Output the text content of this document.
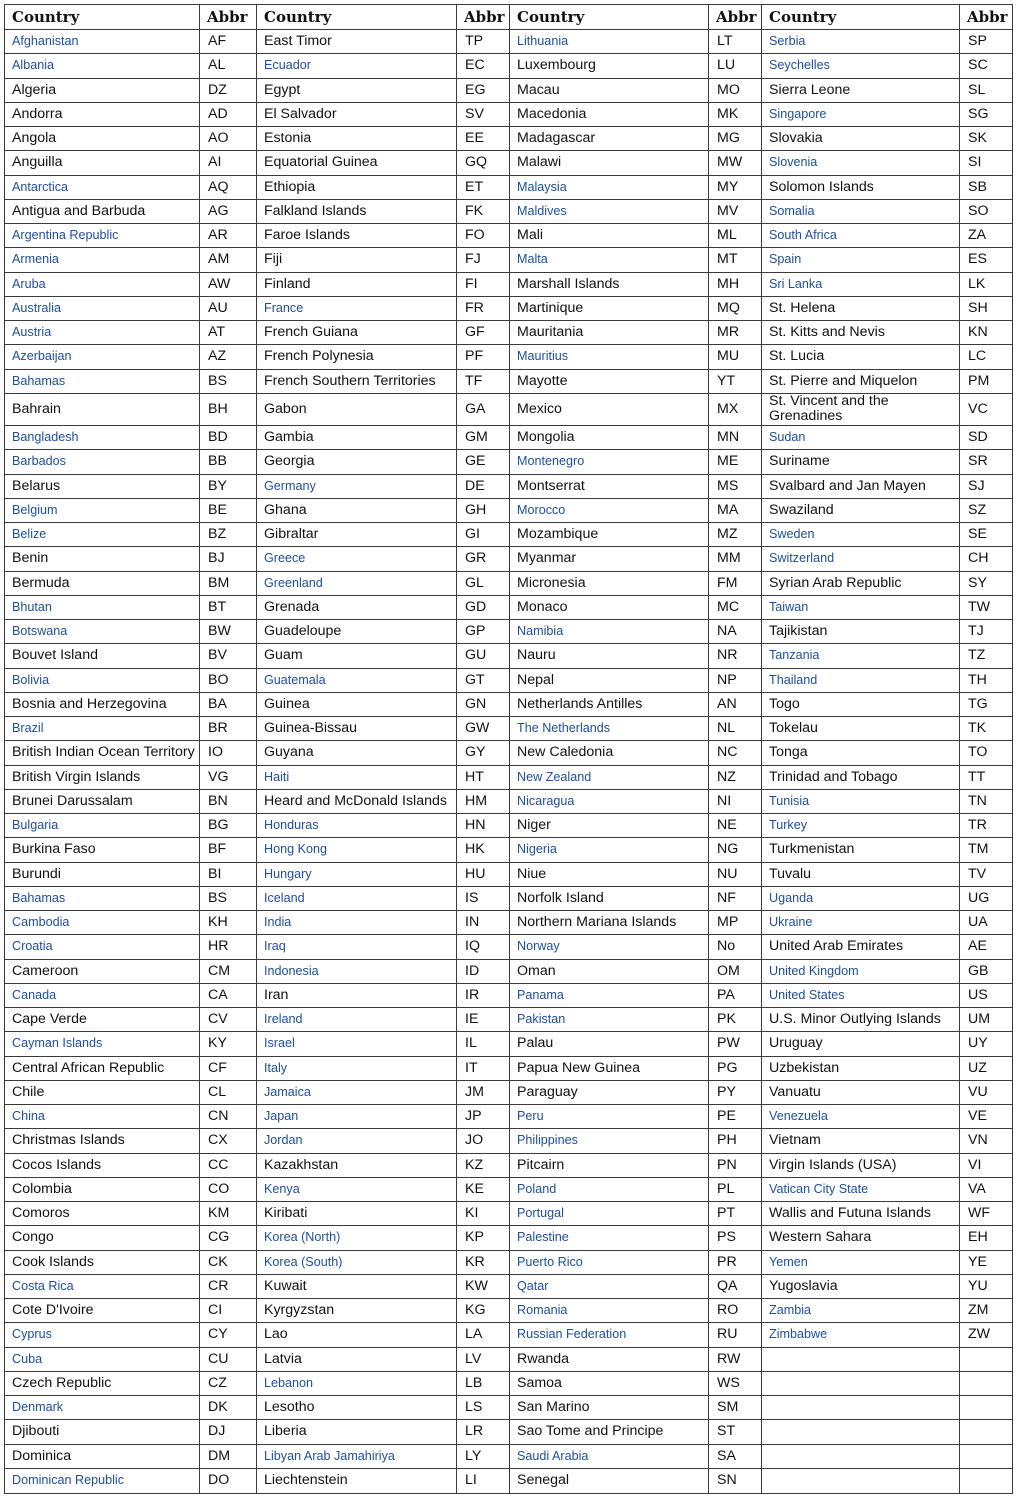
Country	Abbr	Country	Abbr	Country	Abbr	Country	Abbr
Afghanistan	AF	East Timor	TP	Lithuania	LT	Serbia	SP
Albania	AL	Ecuador	EC	Luxembourg	LU	Seychelles	SC
Algeria	DZ	Egypt	EG	Macau	MO	Sierra Leone	SL
Andorra	AD	El Salvador	SV	Macedonia	MK	Singapore	SG
Angola	AO	Estonia	EE	Madagascar	MG	Slovakia	SK
Anguilla	AI	Equatorial Guinea	GQ	Malawi	MW	Slovenia	SI
Antarctica	AQ	Ethiopia	ET	Malaysia	MY	Solomon Islands	SB
Antigua and Barbuda	AG	Falkland Islands	FK	Maldives	MV	Somalia	SO
Argentina Republic	AR	Faroe Islands	FO	Mali	ML	South Africa	ZA
Armenia	AM	Fiji	FJ	Malta	MT	Spain	ES
Aruba	AW	Finland	FI	Marshall Islands	MH	Sri Lanka	LK
Australia	AU	France	FR	Martinique	MQ	St. Helena	SH
Austria	AT	French Guiana	GF	Mauritania	MR	St. Kitts and Nevis	KN
Azerbaijan	AZ	French Polynesia	PF	Mauritius	MU	St. Lucia	LC
Bahamas	BS	French Southern Territories	TF	Mayotte	YT	St. Pierre and Miquelon	PM
Bahrain	BH	Gabon	GA	Mexico	MX	St. Vincent and the Grenadines	VC
Bangladesh	BD	Gambia	GM	Mongolia	MN	Sudan	SD
Barbados	BB	Georgia	GE	Montenegro	ME	Suriname	SR
Belarus	BY	Germany	DE	Montserrat	MS	Svalbard and Jan Mayen	SJ
Belgium	BE	Ghana	GH	Morocco	MA	Swaziland	SZ
Belize	BZ	Gibraltar	GI	Mozambique	MZ	Sweden	SE
Benin	BJ	Greece	GR	Myanmar	MM	Switzerland	CH
Bermuda	BM	Greenland	GL	Micronesia	FM	Syrian Arab Republic	SY
Bhutan	BT	Grenada	GD	Monaco	MC	Taiwan	TW
Botswana	BW	Guadeloupe	GP	Namibia	NA	Tajikistan	TJ
Bouvet Island	BV	Guam	GU	Nauru	NR	Tanzania	TZ
Bolivia	BO	Guatemala	GT	Nepal	NP	Thailand	TH
Bosnia and Herzegovina	BA	Guinea	GN	Netherlands Antilles	AN	Togo	TG
Brazil	BR	Guinea-Bissau	GW	The Netherlands	NL	Tokelau	TK
British Indian Ocean Territory	IO	Guyana	GY	New Caledonia	NC	Tonga	TO
British Virgin Islands	VG	Haiti	HT	New Zealand	NZ	Trinidad and Tobago	TT
Brunei Darussalam	BN	Heard and McDonald Islands	HM	Nicaragua	NI	Tunisia	TN
Bulgaria	BG	Honduras	HN	Niger	NE	Turkey	TR
Burkina Faso	BF	Hong Kong	HK	Nigeria	NG	Turkmenistan	TM
Burundi	BI	Hungary	HU	Niue	NU	Tuvalu	TV
Bahamas	BS	Iceland	IS	Norfolk Island	NF	Uganda	UG
Cambodia	KH	India	IN	Northern Mariana Islands	MP	Ukraine	UA
Croatia	HR	Iraq	IQ	Norway	No	United Arab Emirates	AE
Cameroon	CM	Indonesia	ID	Oman	OM	United Kingdom	GB
Canada	CA	Iran	IR	Panama	PA	United States	US
Cape Verde	CV	Ireland	IE	Pakistan	PK	U.S. Minor Outlying Islands	UM
Cayman Islands	KY	Israel	IL	Palau	PW	Uruguay	UY
Central African Republic	CF	Italy	IT	Papua New Guinea	PG	Uzbekistan	UZ
Chile	CL	Jamaica	JM	Paraguay	PY	Vanuatu	VU
China	CN	Japan	JP	Peru	PE	Venezuela	VE
Christmas Islands	CX	Jordan	JO	Philippines	PH	Vietnam	VN
Cocos Islands	CC	Kazakhstan	KZ	Pitcairn	PN	Virgin Islands (USA)	VI
Colombia	CO	Kenya	KE	Poland	PL	Vatican City State	VA
Comoros	KM	Kiribati	KI	Portugal	PT	Wallis and Futuna Islands	WF
Congo	CG	Korea (North)	KP	Palestine	PS	Western Sahara	EH
Cook Islands	CK	Korea (South)	KR	Puerto Rico	PR	Yemen	YE
Costa Rica	CR	Kuwait	KW	Qatar	QA	Yugoslavia	YU
Cote D'Ivoire	CI	Kyrgyzstan	KG	Romania	RO	Zambia	ZM
Cyprus	CY	Lao	LA	Russian Federation	RU	Zimbabwe	ZW
Cuba	CU	Latvia	LV	Rwanda	RW		
Czech Republic	CZ	Lebanon	LB	Samoa	WS		
Denmark	DK	Lesotho	LS	San Marino	SM		
Djibouti	DJ	Liberia	LR	Sao Tome and Principe	ST		
Dominica	DM	Libyan Arab Jamahiriya	LY	Saudi Arabia	SA		
Dominican Republic	DO	Liechtenstein	LI	Senegal	SN		
